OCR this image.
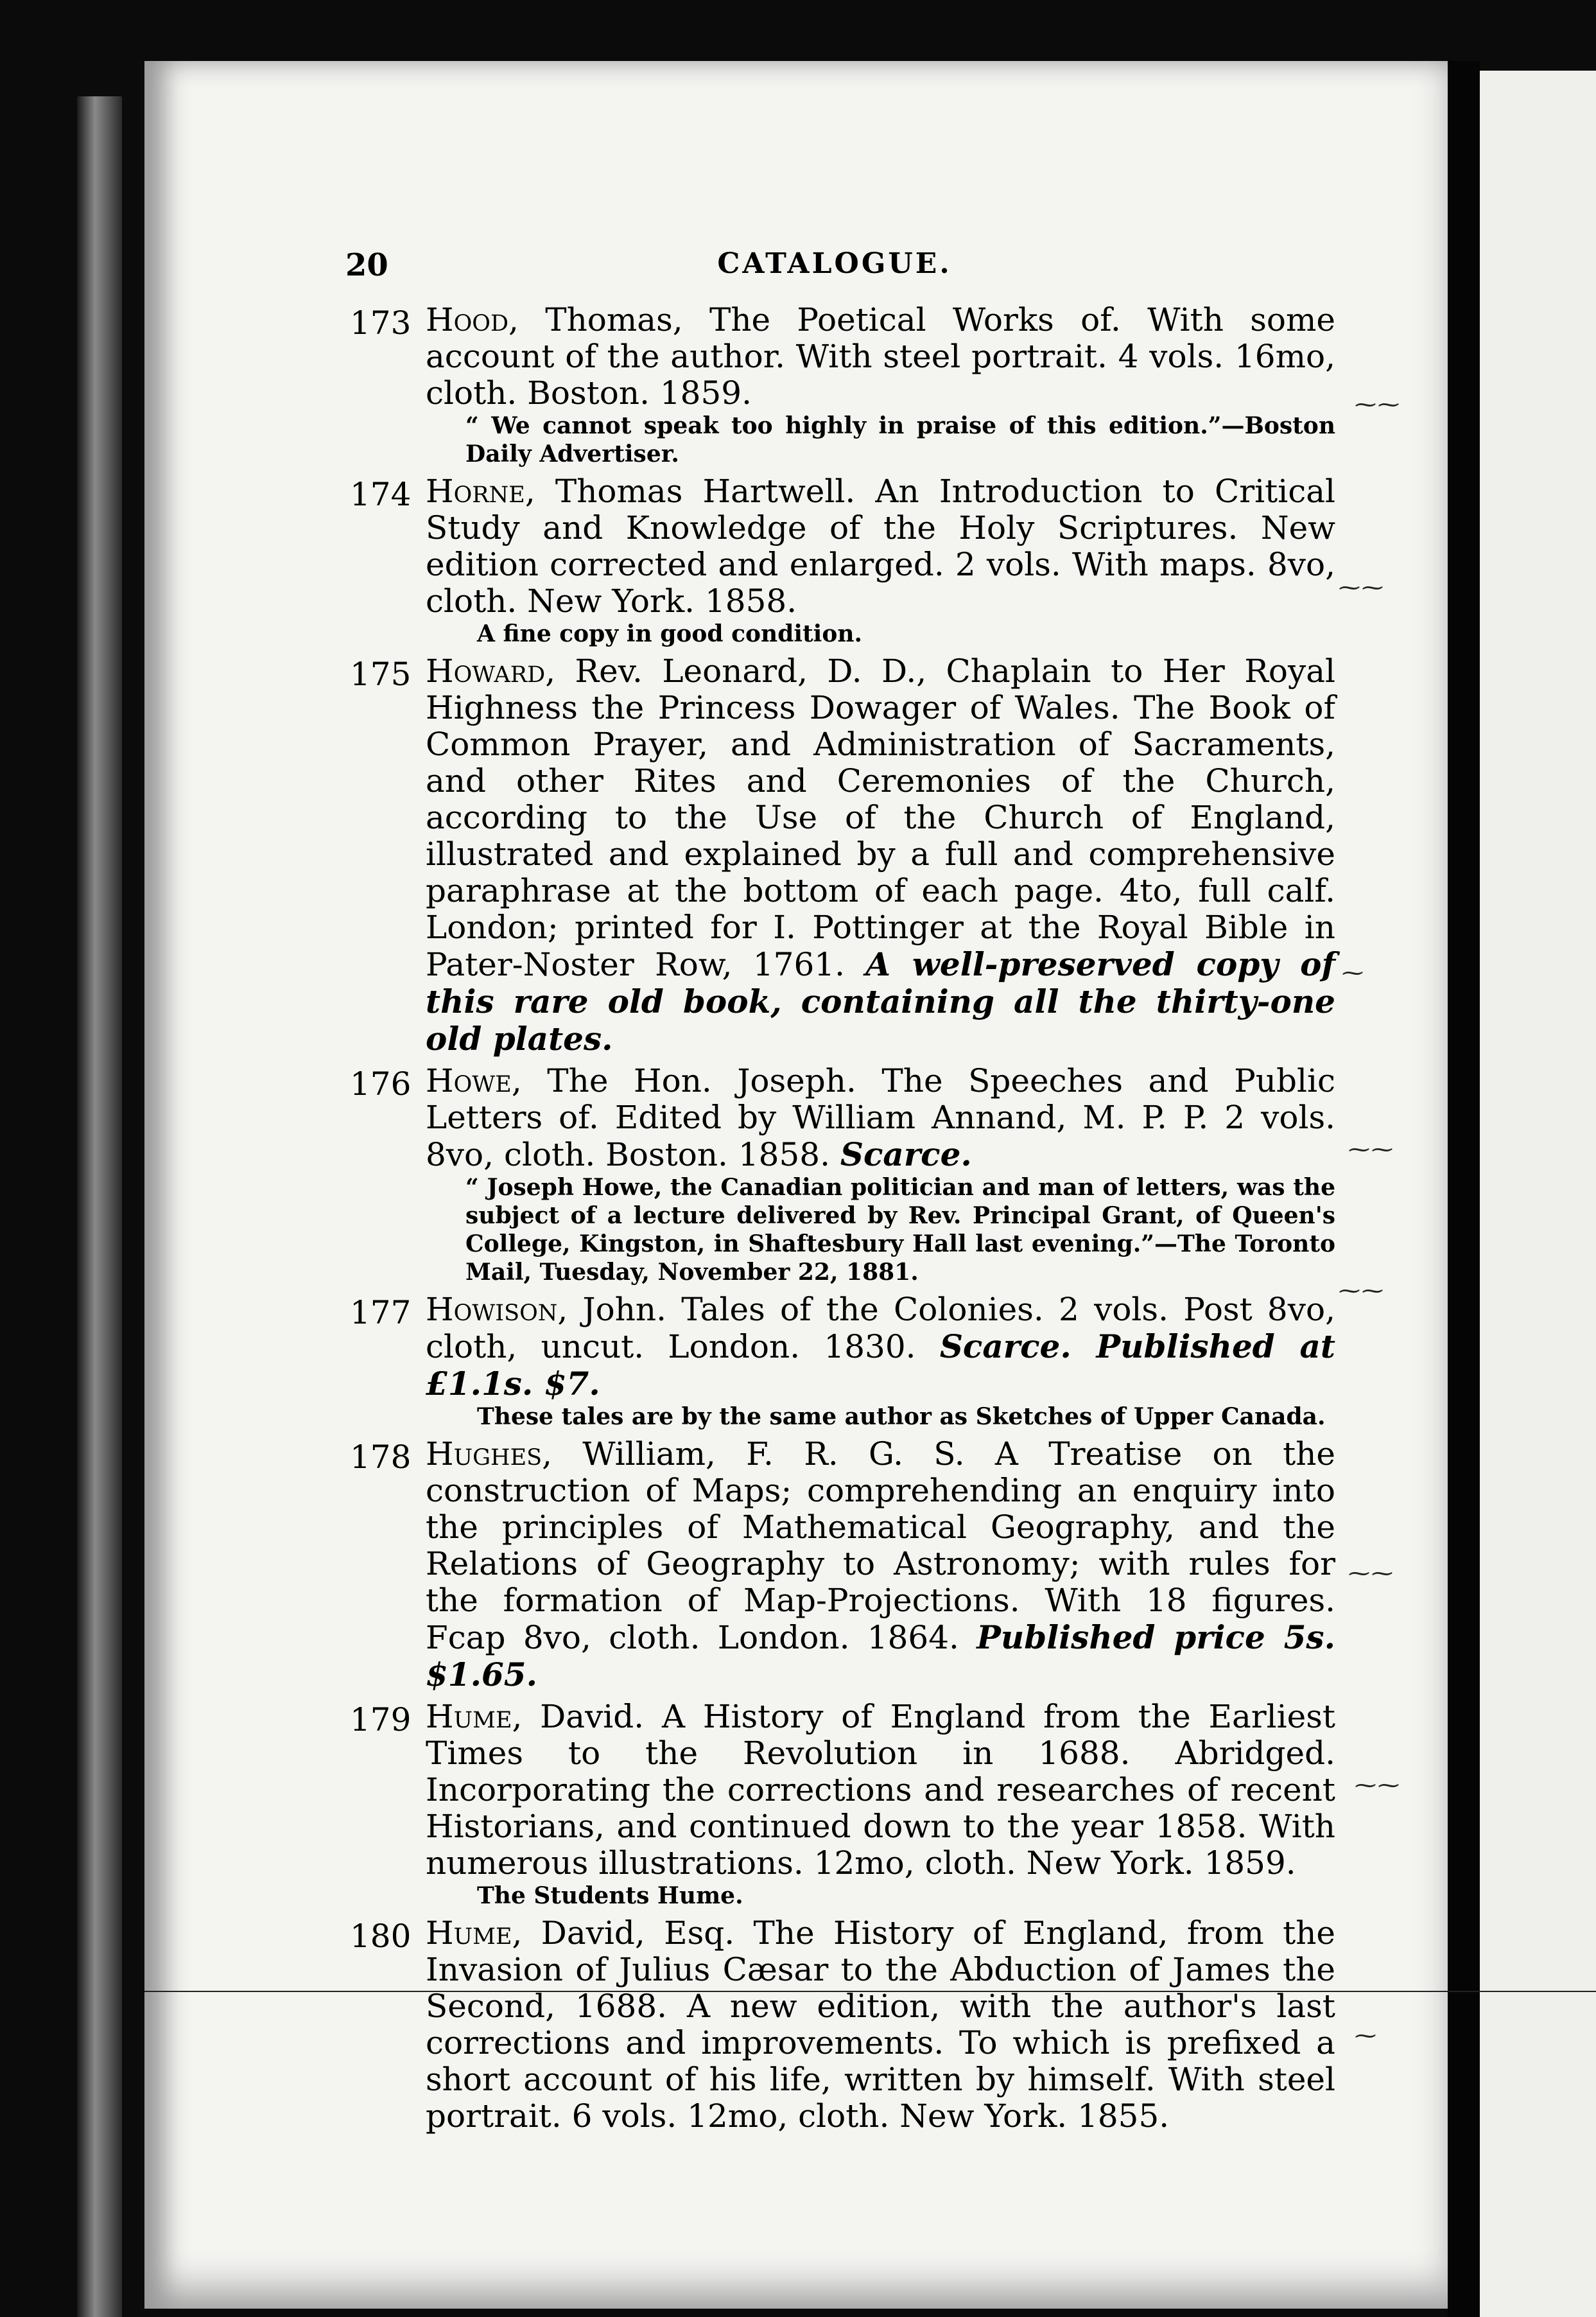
20	CATALOGUE.
173 Hood, Thomas, The Poetical Works of. With some account of the author. With steel portrait. 4 vols. 16mo, cloth. Boston. 1859.
“ We cannot speak too highly in praise of this edition.”—Boston Daily Advertiser.
174 Horne, Thomas Hartwell. An Introduction to Critical Study and Knowledge of the Holy Scriptures. New edition corrected and enlarged. 2 vols. With maps. 8vo, cloth. New York. 1858.
A fine copy in good condition.
175 Howard, Rev. Leonard, D. D., Chaplain to Her Royal Highness the Princess Dowager of Wales. The Book of Common Prayer, and Administration of Sacraments, and other Rites and Ceremonies of the Church, according to the Use of the Church of England, illustrated and explained by a full and comprehensive paraphrase at the bottom of each page. 4to, full calf. London; printed for I. Pottinger at the Royal Bible in Pater-Noster Row, 1761. A well-preserved copy of this rare old book, containing all the thirty-one old plates.
176 Howe, The Hon. Joseph. The Speeches and Public Letters of. Edited by William Annand, M. P. P. 2 vols. 8vo, cloth. Boston. 1858. Scarce.
“ Joseph Howe, the Canadian politician and man of letters, was the subject of a lecture delivered by Rev. Principal Grant, of Queen's College, Kingston, in Shaftesbury Hall last evening.”—The Toronto Mail, Tuesday, November 22, 1881.
177 Howison, John. Tales of the Colonies. 2 vols. Post 8vo, cloth, uncut. London. 1830. Scarce. Published at £1.1s. $7.
These tales are by the same author as Sketches of Upper Canada.
178 Hughes, William, F. R. G. S. A Treatise on the construction of Maps; comprehending an enquiry into the principles of Mathematical Geography, and the Relations of Geography to Astronomy; with rules for the formation of Map-Projections. With 18 figures. Fcap 8vo, cloth. London. 1864. Published price 5s. $1.65.
179 Hume, David. A History of England from the Earliest Times to the Revolution in 1688. Abridged. Incorporating the corrections and researches of recent Historians, and continued down to the year 1858. With numerous illustrations. 12mo, cloth. New York. 1859.
The Students Hume.
180 Hume, David, Esq. The History of England, from the Invasion of Julius Cæsar to the Abduction of James the Second, 1688. A new edition, with the author's last corrections and improvements. To which is prefixed a short account of his life, written by himself. With steel portrait. 6 vols. 12mo, cloth. New York. 1855.
⁓⁓
⁓⁓
⁓
⁓⁓
⁓⁓
⁓⁓
⁓⁓
⁓
